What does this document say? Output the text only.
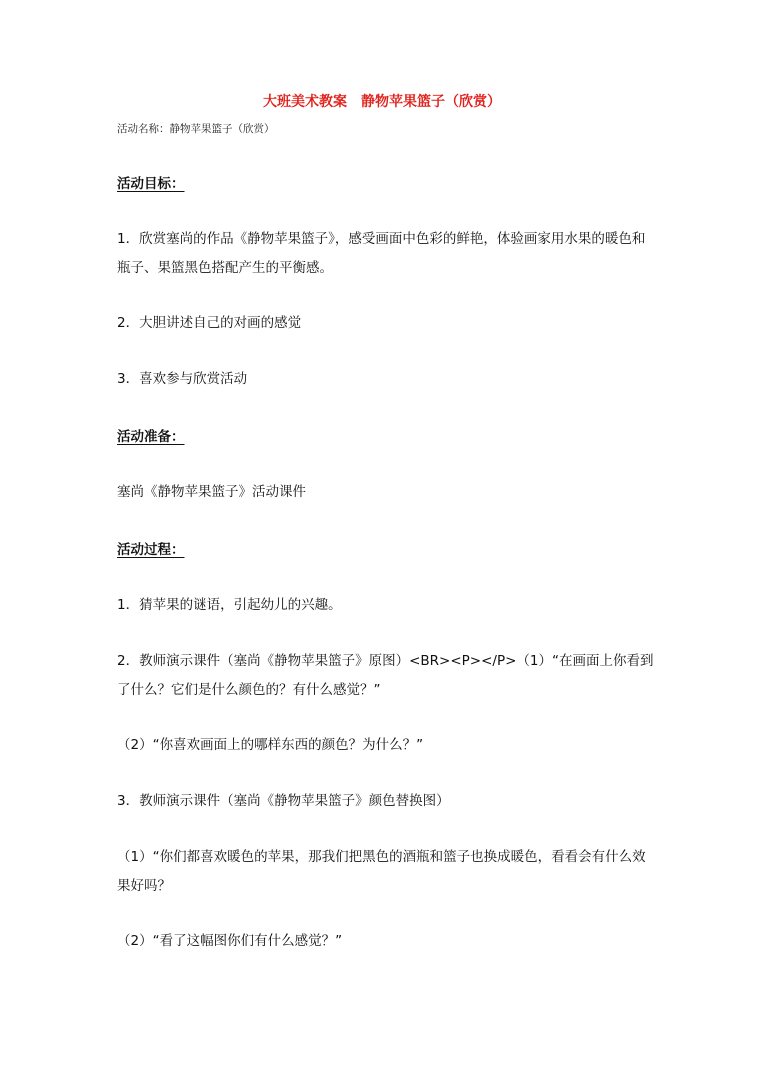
大班美术教案　静物苹果篮子（欣赏）
活动名称：静物苹果篮子（欣赏）
活动目标：
1．欣赏塞尚的作品《静物苹果篮子》，感受画面中色彩的鲜艳，体验画家用水果的暖色和瓶子、果篮黑色搭配产生的平衡感。
2．大胆讲述自己的对画的感觉
3．喜欢参与欣赏活动
活动准备：
塞尚《静物苹果篮子》活动课件
活动过程：
1．猜苹果的谜语，引起幼儿的兴趣。
2．教师演示课件（塞尚《静物苹果篮子》原图）<BR><P></P>（1）“在画面上你看到了什么？它们是什么颜色的？有什么感觉？”
（2）“你喜欢画面上的哪样东西的颜色？为什么？”
3．教师演示课件（塞尚《静物苹果篮子》颜色替换图）
（1）“你们都喜欢暖色的苹果，那我们把黑色的酒瓶和篮子也换成暖色，看看会有什么效果好吗？
（2）“看了这幅图你们有什么感觉？”
